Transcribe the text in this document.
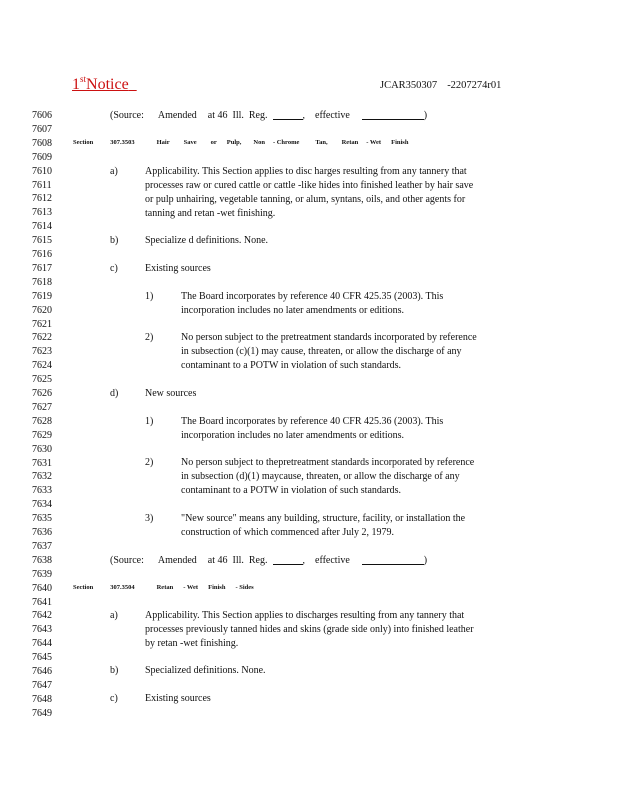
1stNotice	JCAR350307 -2207274r01
7606
7607
7608
7609
7610
7611
7612
7613
7614
7615
7616
7617
7618
7619
7620
7621
7622
7623
7624
7625
7626
7627
7628
7629
7630
7631
7632
7633
7634
7635
7636
7637
7638
7639
7640
7641
7642
7643
7644
7645
7646
7647
7648
7649
(Source: Amended at 46 Ill. Reg.	, effective	)
Section	307.3503	Hair Save or Pulp, Non - Chrome Tan, Retan - Wet Finish
a)	Applicability. This Section applies to disc harges resulting from any tannery that
processes raw or cured cattle or cattle -like hides into finished leather by hair save
or pulp unhairing, vegetable tanning, or alum, syntans, oils, and other agents for
tanning and retan -wet finishing.
b)	Specialize d definitions. None.
c)	Existing sources
1)	The Board incorporates by reference 40 CFR 425.35 (2003). This
incorporation includes no later amendments or editions.
2)	No person subject to the pretreatment standards incorporated by reference
in subsection (c)(1) may cause, threaten, or allow the discharge of any
contaminant to a POTW in violation of such standards.
d)	New sources
1)	The Board incorporates by reference 40 CFR 425.36 (2003). This
incorporation includes no later amendments or editions.
2)	No person subject to thepretreatment standards incorporated by reference
in subsection (d)(1) maycause, threaten, or allow the discharge of any
contaminant to a POTW in violation of such standards.
3)	"New source" means any building, structure, facility, or installation the
construction of which commenced after July 2, 1979.
(Source: Amended at 46 Ill. Reg.	, effective	)
Section	307.3504	Retan - Wet Finish - Sides
a)	Applicability. This Section applies to discharges resulting from any tannery that
processes previously tanned hides and skins (grade side only) into finished leather
by retan -wet finishing.
b)	Specialized definitions. None.
c)	Existing sources
